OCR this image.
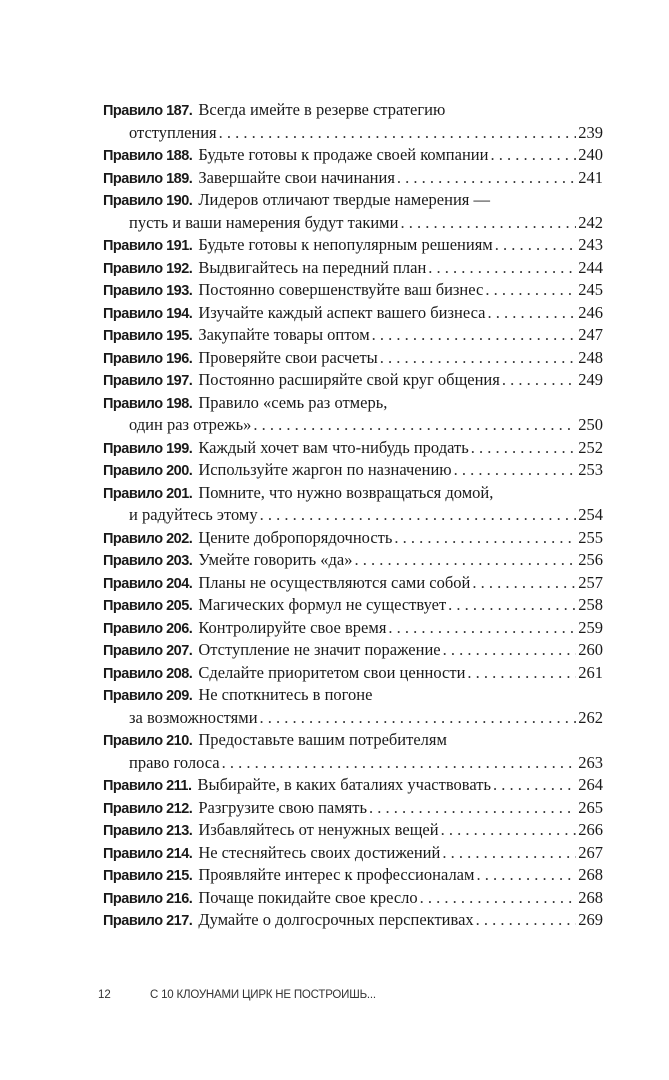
Правило 187. Всегда имейте в резерве стратегию
отступления . . .	239
Правило 188. Будьте готовы к продаже своей компании . . .	240
Правило 189. Завершайте свои начинания . . .	241
Правило 190. Лидеров отличают твердые намерения —
пусть и ваши намерения будут такими . . .	242
Правило 191. Будьте готовы к непопулярным решениям . . .	243
Правило 192. Выдвигайтесь на передний план . . .	244
Правило 193. Постоянно совершенствуйте ваш бизнес . . .	245
Правило 194. Изучайте каждый аспект вашего бизнеса . . .	246
Правило 195. Закупайте товары оптом . . .	247
Правило 196. Проверяйте свои расчеты . . .	248
Правило 197. Постоянно расширяйте свой круг общения . . .	249
Правило 198. Правило «семь раз отмерь,
один раз отрежь» . . .	250
Правило 199. Каждый хочет вам что-нибудь продать . . .	252
Правило 200. Используйте жаргон по назначению . . .	253
Правило 201. Помните, что нужно возвращаться домой,
и радуйтесь этому . . .	254
Правило 202. Цените добропорядочность . . .	255
Правило 203. Умейте говорить «да» . . .	256
Правило 204. Планы не осуществляются сами собой . . .	257
Правило 205. Магических формул не существует . . .	258
Правило 206. Контролируйте свое время . . .	259
Правило 207. Отступление не значит поражение . . .	260
Правило 208. Сделайте приоритетом свои ценности . . .	261
Правило 209. Не споткнитесь в погоне
за возможностями . . .	262
Правило 210. Предоставьте вашим потребителям
право голоса . . .	263
Правило 211. Выбирайте, в каких баталиях участвовать . . .	264
Правило 212. Разгрузите свою память . . .	265
Правило 213. Избавляйтесь от ненужных вещей . . .	266
Правило 214. Не стесняйтесь своих достижений . . .	267
Правило 215. Проявляйте интерес к профессионалам . . .	268
Правило 216. Почаще покидайте свое кресло . . .	268
Правило 217. Думайте о долгосрочных перспективах . . .	269
12	С 10 КЛОУНАМИ ЦИРК НЕ ПОСТРОИШЬ...
